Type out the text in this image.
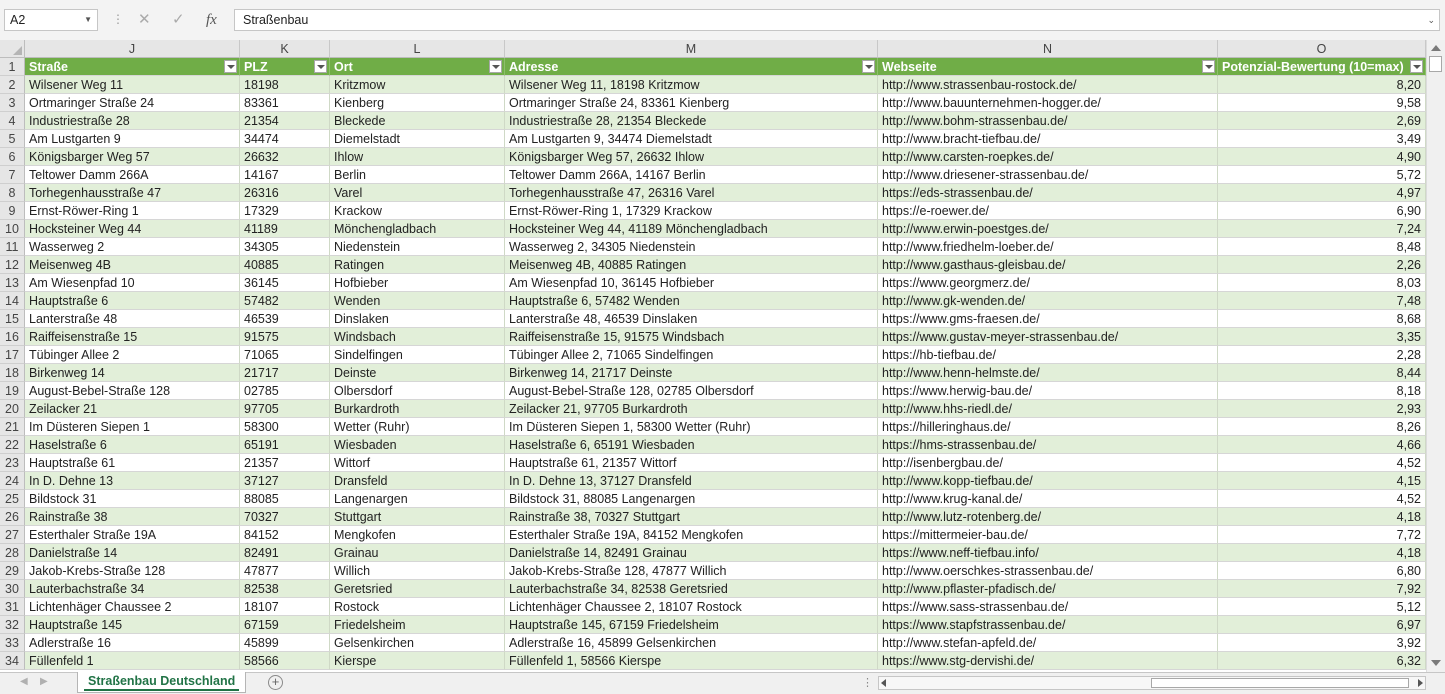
A2	▼ ⋮ ✕ ✓ fx	Straßenbau	⌄
J	K	L	M	N	O
1	Straße	PLZ	Ort	Adresse	Webseite	Potenzial-Bewertung (10=max)
2	Wilsener Weg 11	18198	Kritzmow	Wilsener Weg 11, 18198 Kritzmow	http://www.strassenbau-rostock.de/	8,20
3	Ortmaringer Straße 24	83361	Kienberg	Ortmaringer Straße 24, 83361 Kienberg	http://www.bauunternehmen-hogger.de/	9,58
4	Industriestraße 28	21354	Bleckede	Industriestraße 28, 21354 Bleckede	http://www.bohm-strassenbau.de/	2,69
5	Am Lustgarten 9	34474	Diemelstadt	Am Lustgarten 9, 34474 Diemelstadt	http://www.bracht-tiefbau.de/	3,49
6	Königsbarger Weg 57	26632	Ihlow	Königsbarger Weg 57, 26632 Ihlow	http://www.carsten-roepkes.de/	4,90
7	Teltower Damm 266A	14167	Berlin	Teltower Damm 266A, 14167 Berlin	http://www.driesener-strassenbau.de/	5,72
8	Torhegenhausstraße 47	26316	Varel	Torhegenhausstraße 47, 26316 Varel	https://eds-strassenbau.de/	4,97
9	Ernst-Röwer-Ring 1	17329	Krackow	Ernst-Röwer-Ring 1, 17329 Krackow	https://e-roewer.de/	6,90
10 Hocksteiner Weg 44	41189	Mönchengladbach	Hocksteiner Weg 44, 41189 Mönchengladbach	http://www.erwin-poestges.de/	7,24
11 Wasserweg 2	34305	Niedenstein	Wasserweg 2, 34305 Niedenstein	http://www.friedhelm-loeber.de/	8,48
12 Meisenweg 4B	40885	Ratingen	Meisenweg 4B, 40885 Ratingen	http://www.gasthaus-gleisbau.de/	2,26
13 Am Wiesenpfad 10	36145	Hofbieber	Am Wiesenpfad 10, 36145 Hofbieber	https://www.georgmerz.de/	8,03
14 Hauptstraße 6	57482	Wenden	Hauptstraße 6, 57482 Wenden	http://www.gk-wenden.de/	7,48
15 Lanterstraße 48	46539	Dinslaken	Lanterstraße 48, 46539 Dinslaken	https://www.gms-fraesen.de/	8,68
16 Raiffeisenstraße 15	91575	Windsbach	Raiffeisenstraße 15, 91575 Windsbach	https://www.gustav-meyer-strassenbau.de/	3,35
17 Tübinger Allee 2	71065	Sindelfingen	Tübinger Allee 2, 71065 Sindelfingen	https://hb-tiefbau.de/	2,28
18 Birkenweg 14	21717	Deinste	Birkenweg 14, 21717 Deinste	http://www.henn-helmste.de/	8,44
19 August-Bebel-Straße 128	02785	Olbersdorf	August-Bebel-Straße 128, 02785 Olbersdorf	https://www.herwig-bau.de/	8,18
20 Zeilacker 21	97705	Burkardroth	Zeilacker 21, 97705 Burkardroth	http://www.hhs-riedl.de/	2,93
21 Im Düsteren Siepen 1	58300	Wetter (Ruhr)	Im Düsteren Siepen 1, 58300 Wetter (Ruhr)	https://hilleringhaus.de/	8,26
22 Haselstraße 6	65191	Wiesbaden	Haselstraße 6, 65191 Wiesbaden	https://hms-strassenbau.de/	4,66
23 Hauptstraße 61	21357	Wittorf	Hauptstraße 61, 21357 Wittorf	http://isenbergbau.de/	4,52
24 In D. Dehne 13	37127	Dransfeld	In D. Dehne 13, 37127 Dransfeld	http://www.kopp-tiefbau.de/	4,15
25 Bildstock 31	88085	Langenargen	Bildstock 31, 88085 Langenargen	http://www.krug-kanal.de/	4,52
26 Rainstraße 38	70327	Stuttgart	Rainstraße 38, 70327 Stuttgart	http://www.lutz-rotenberg.de/	4,18
27 Esterthaler Straße 19A	84152	Mengkofen	Esterthaler Straße 19A, 84152 Mengkofen	https://mittermeier-bau.de/	7,72
28 Danielstraße 14	82491	Grainau	Danielstraße 14, 82491 Grainau	https://www.neff-tiefbau.info/	4,18
29 Jakob-Krebs-Straße 128	47877	Willich	Jakob-Krebs-Straße 128, 47877 Willich	http://www.oerschkes-strassenbau.de/	6,80
30 Lauterbachstraße 34	82538	Geretsried	Lauterbachstraße 34, 82538 Geretsried	http://www.pflaster-pfadisch.de/	7,92
31 Lichtenhäger Chaussee 2	18107	Rostock	Lichtenhäger Chaussee 2, 18107 Rostock	https://www.sass-strassenbau.de/	5,12
32 Hauptstraße 145	67159	Friedelsheim	Hauptstraße 145, 67159 Friedelsheim	https://www.stapfstrassenbau.de/	6,97
33 Adlerstraße 16	45899	Gelsenkirchen	Adlerstraße 16, 45899 Gelsenkirchen	http://www.stefan-apfeld.de/	3,92
34 Füllenfeld 1	58566	Kierspe	Füllenfeld 1, 58566 Kierspe	https://www.stg-dervishi.de/	6,32
◀ ▶	Straßenbau Deutschland	+	⋮
